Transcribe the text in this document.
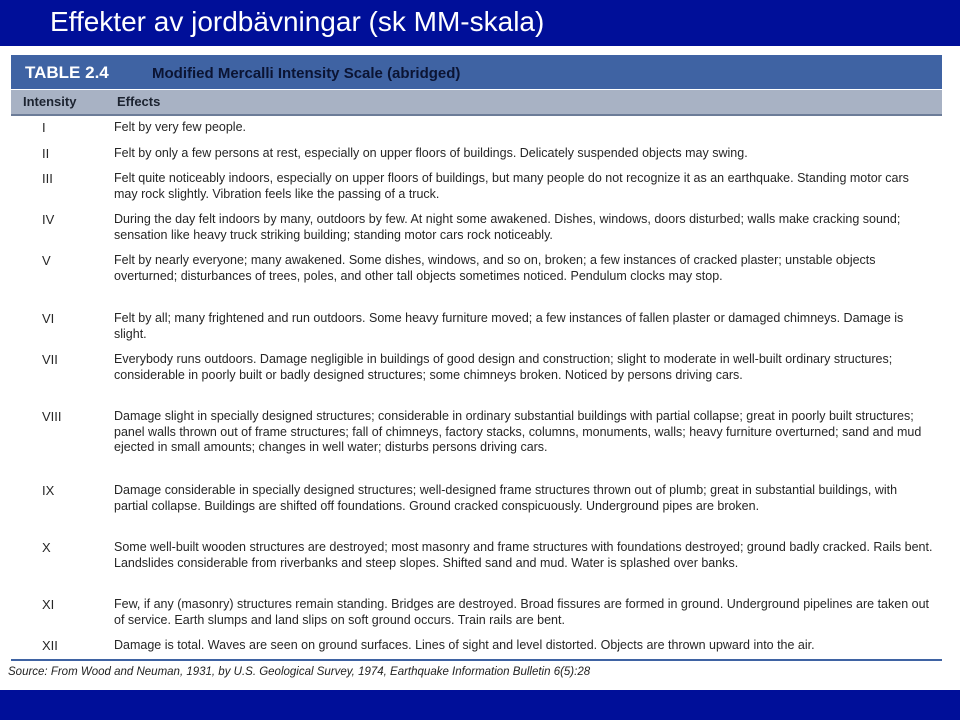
Effekter av jordbävningar (sk MM-skala)
TABLE 2.4	Modified Mercalli Intensity Scale (abridged)
Intensity	Effects
I	Felt by very few people.
II	Felt by only a few persons at rest, especially on upper floors of buildings. Delicately suspended objects may swing.
III	Felt quite noticeably indoors, especially on upper floors of buildings, but many people do not recognize it as an earthquake. Standing motor cars may rock slightly. Vibration feels like the passing of a truck.
IV	During the day felt indoors by many, outdoors by few. At night some awakened. Dishes, windows, doors disturbed; walls make cracking sound; sensation like heavy truck striking building; standing motor cars rock noticeably.
V	Felt by nearly everyone; many awakened. Some dishes, windows, and so on, broken; a few instances of cracked plaster; unstable objects overturned; disturbances of trees, poles, and other tall objects sometimes noticed. Pendulum clocks may stop.
VI	Felt by all; many frightened and run outdoors. Some heavy furniture moved; a few instances of fallen plaster or damaged chimneys. Damage is slight.
VII	Everybody runs outdoors. Damage negligible in buildings of good design and construction; slight to moderate in well-built ordinary structures; considerable in poorly built or badly designed structures; some chimneys broken. Noticed by persons driving cars.
VIII	Damage slight in specially designed structures; considerable in ordinary substantial buildings with partial collapse; great in poorly built structures; panel walls thrown out of frame structures; fall of chimneys, factory stacks, columns, monuments, walls; heavy furniture overturned; sand and mud ejected in small amounts; changes in well water; disturbs persons driving cars.
IX	Damage considerable in specially designed structures; well-designed frame structures thrown out of plumb; great in substantial buildings, with partial collapse. Buildings are shifted off foundations. Ground cracked conspicuously. Underground pipes are broken.
X	Some well-built wooden structures are destroyed; most masonry and frame structures with foundations destroyed; ground badly cracked. Rails bent. Landslides considerable from riverbanks and steep slopes. Shifted sand and mud. Water is splashed over banks.
XI	Few, if any (masonry) structures remain standing. Bridges are destroyed. Broad fissures are formed in ground. Underground pipelines are taken out of service. Earth slumps and land slips on soft ground occurs. Train rails are bent.
XII	Damage is total. Waves are seen on ground surfaces. Lines of sight and level distorted. Objects are thrown upward into the air.
Source: From Wood and Neuman, 1931, by U.S. Geological Survey, 1974, Earthquake Information Bulletin 6(5):28
